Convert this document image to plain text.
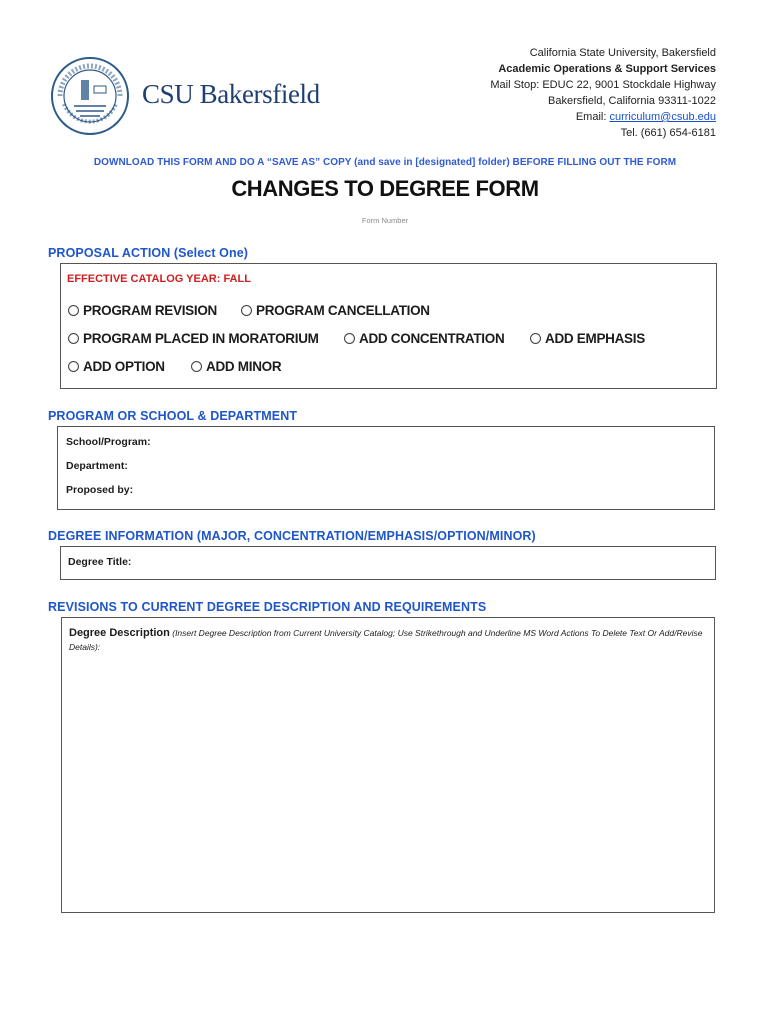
CSU Bakersfield
California State University, Bakersfield
Academic Operations & Support Services
Mail Stop: EDUC 22, 9001 Stockdale Highway
Bakersfield, California 93311-1022
Email: curriculum@csub.edu
Tel. (661) 654-6181
DOWNLOAD THIS FORM AND DO A “SAVE AS” COPY (and save in [designated] folder) BEFORE FILLING OUT THE FORM
CHANGES TO DEGREE FORM
Form Number
PROPOSAL ACTION (Select One)
EFFECTIVE CATALOG YEAR: FALL
PROGRAM REVISION	PROGRAM CANCELLATION
PROGRAM PLACED IN MORATORIUM	ADD CONCENTRATION	ADD EMPHASIS
ADD OPTION	ADD MINOR
PROGRAM OR SCHOOL & DEPARTMENT
School/Program:
Department:
Proposed by:
DEGREE INFORMATION (MAJOR, CONCENTRATION/EMPHASIS/OPTION/MINOR)
Degree Title:
REVISIONS TO CURRENT DEGREE DESCRIPTION AND REQUIREMENTS
Degree Description (Insert Degree Description from Current University Catalog; Use Strikethrough and Underline MS Word Actions To Delete Text Or Add/Revise Details):
